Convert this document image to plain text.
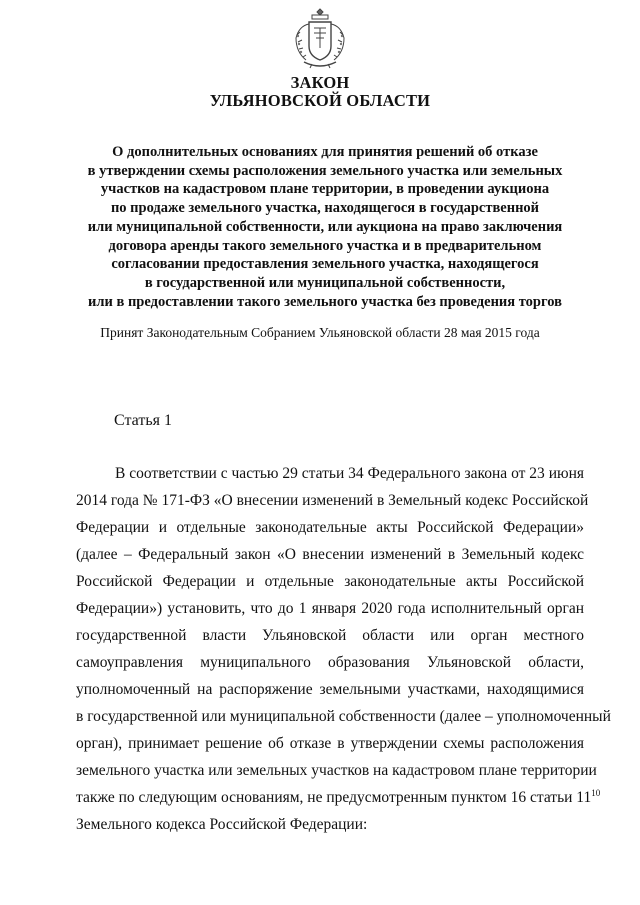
ЗАКОН
УЛЬЯНОВСКОЙ ОБЛАСТИ
О дополнительных основаниях для принятия решений об отказе
в утверждении схемы расположения земельного участка или земельных
участков на кадастровом плане территории, в проведении аукциона
по продаже земельного участка, находящегося в государственной
или муниципальной собственности, или аукциона на право заключения
договора аренды такого земельного участка и в предварительном
согласовании предоставления земельного участка, находящегося
в государственной или муниципальной собственности,
или в предоставлении такого земельного участка без проведения торгов
Принят Законодательным Собранием Ульяновской области 28 мая 2015 года
Статья 1
В соответствии с частью 29 статьи 34 Федерального закона от 23 июня
2014 года № 171-ФЗ «О внесении изменений в Земельный кодекс Российской
Федерации и отдельные законодательные акты Российской Федерации»
(далее – Федеральный закон «О внесении изменений в Земельный кодекс
Российской Федерации и отдельные законодательные акты Российской
Федерации») установить, что до 1 января 2020 года исполнительный орган
государственной власти Ульяновской области или орган местного
самоуправления муниципального образования Ульяновской области,
уполномоченный на распоряжение земельными участками, находящимися
в государственной или муниципальной собственности (далее – уполномоченный
орган), принимает решение об отказе в утверждении схемы расположения
земельного участка или земельных участков на кадастровом плане территории
также по следующим основаниям, не предусмотренным пунктом 16 статьи $11^{10}$
Земельного кодекса Российской Федерации:
